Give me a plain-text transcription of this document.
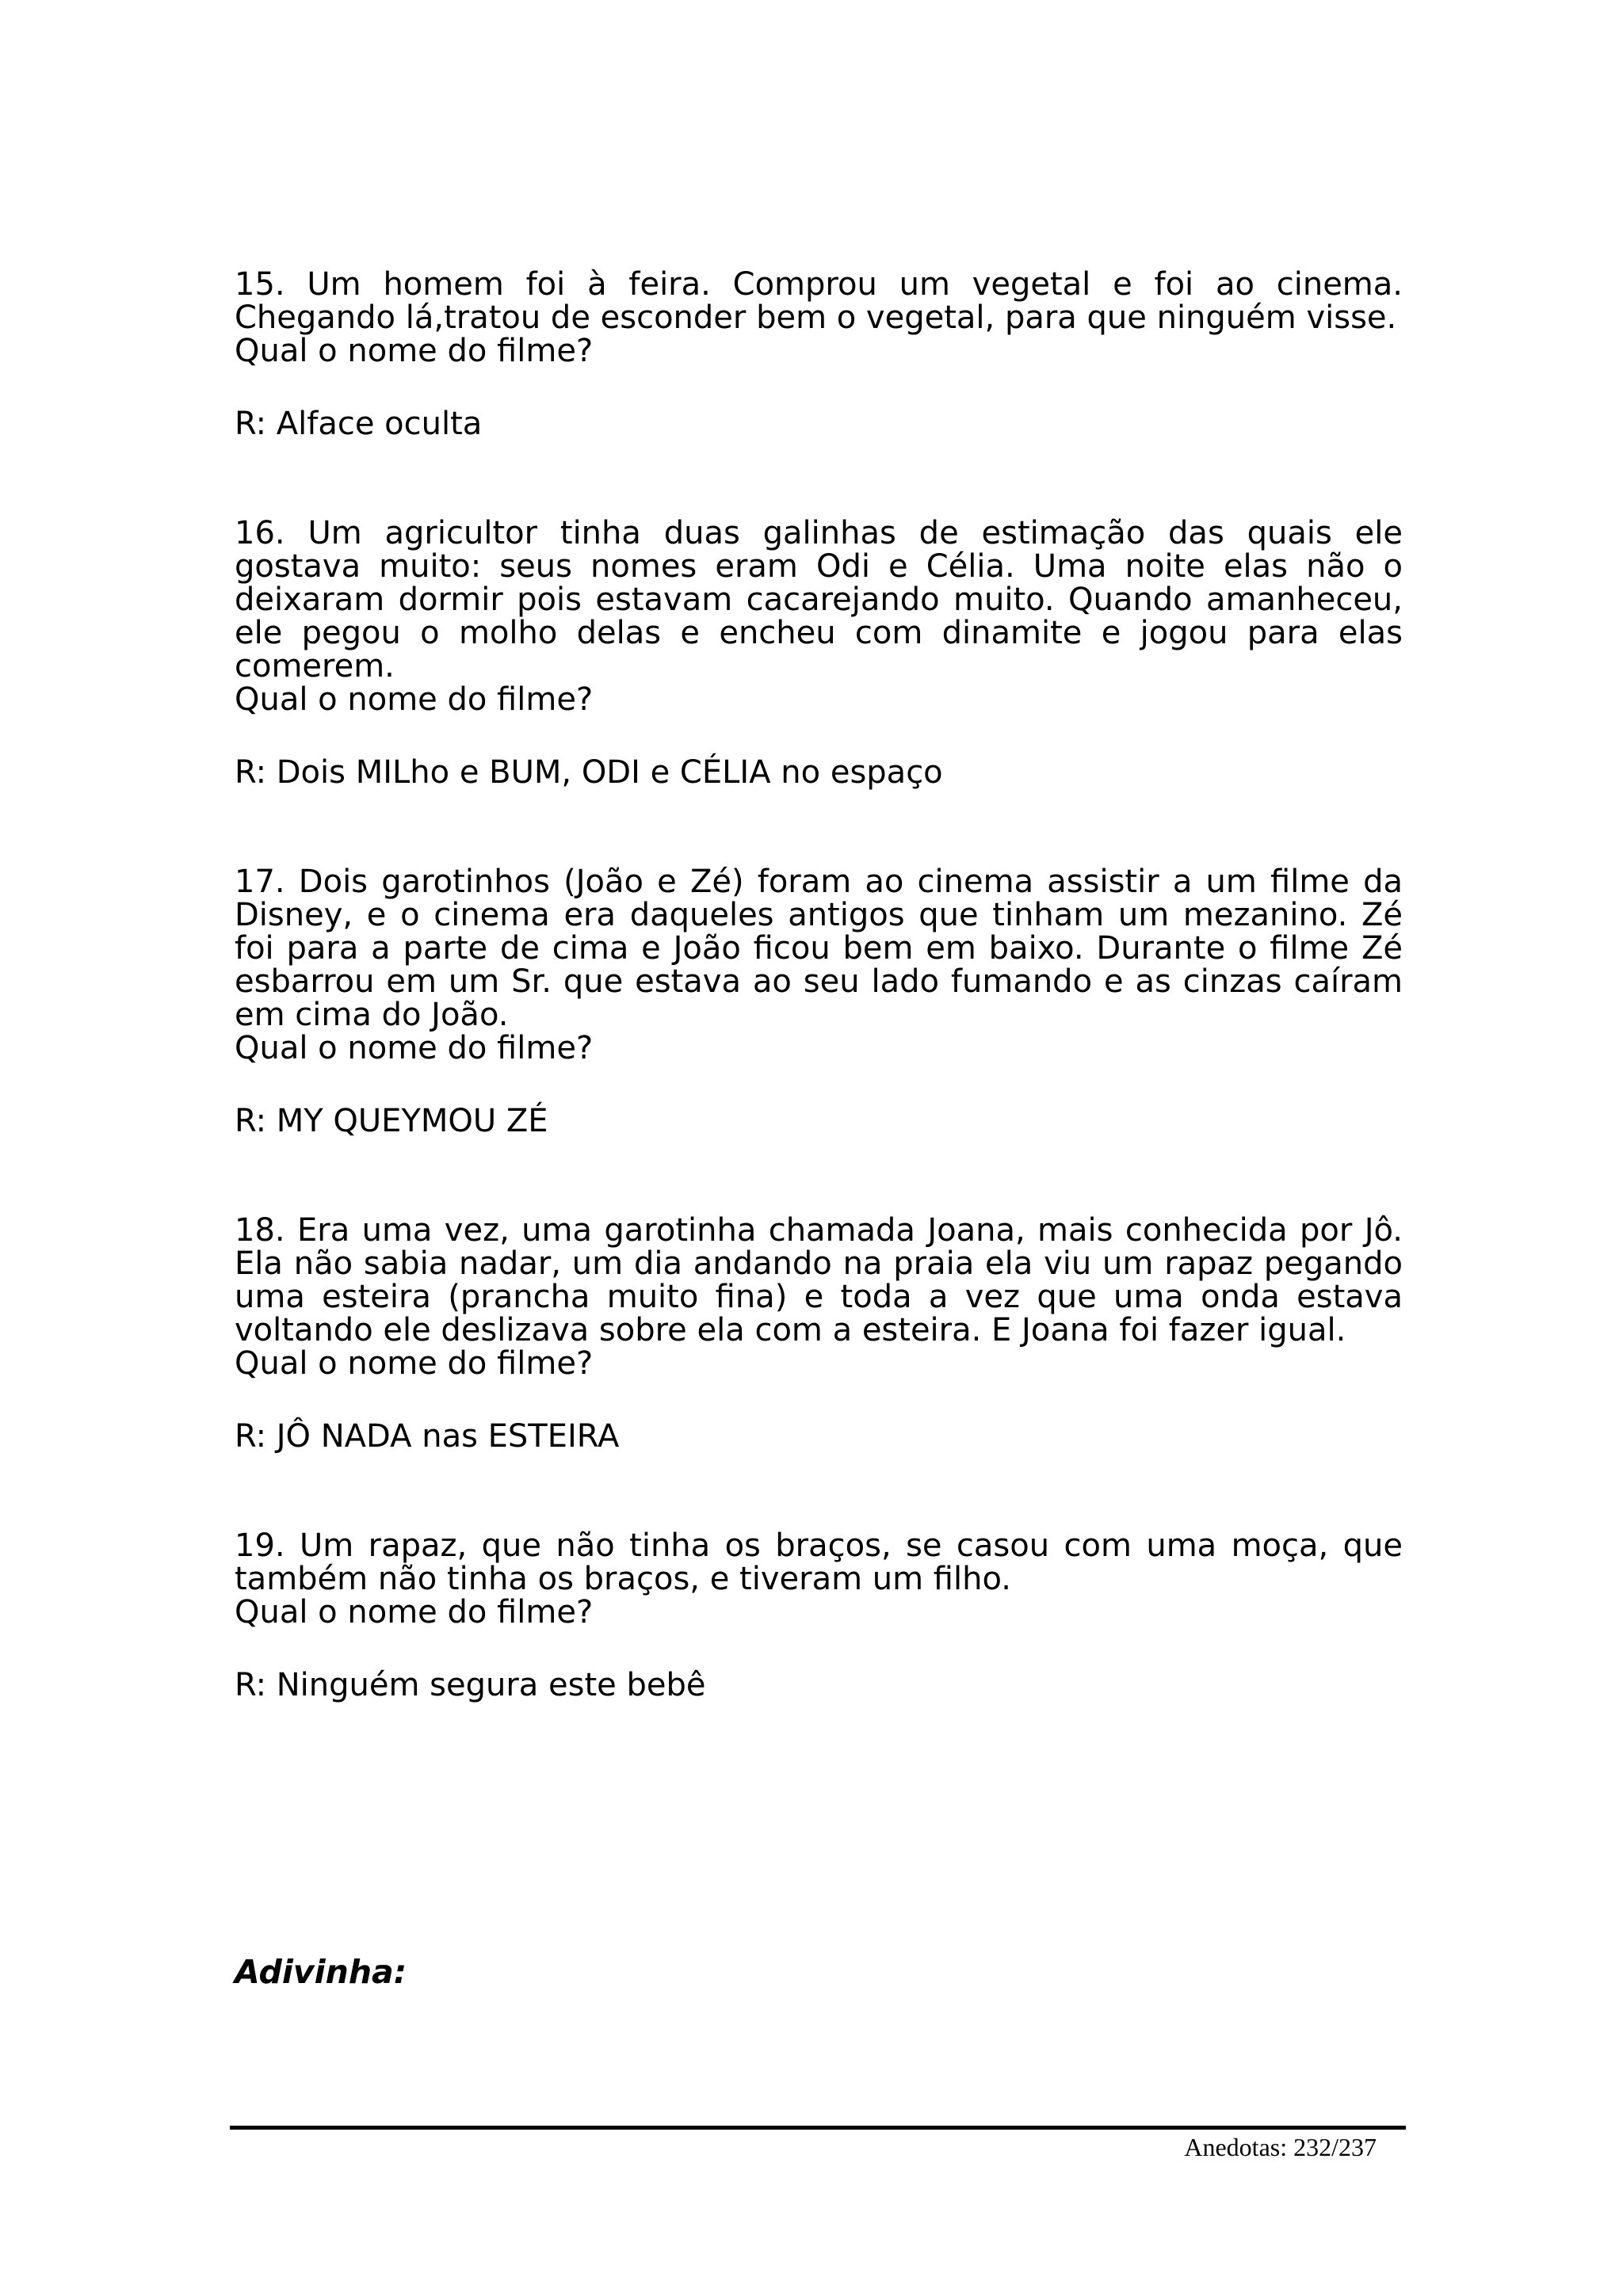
15. Um homem foi à feira. Comprou um vegetal e foi ao cinema. Chegando lá,tratou de esconder bem o vegetal, para que ninguém visse.

Qual o nome do filme?

R: Alface oculta

16. Um agricultor tinha duas galinhas de estimação das quais ele gostava muito: seus nomes eram Odi e Célia. Uma noite elas não o deixaram dormir pois estavam cacarejando muito. Quando amanheceu, ele pegou o molho delas e encheu com dinamite e jogou para elas comerem.

Qual o nome do filme?

R: Dois MILho e BUM, ODI e CÉLIA no espaço

17. Dois garotinhos (João e Zé) foram ao cinema assistir a um filme da Disney, e o cinema era daqueles antigos que tinham um mezanino. Zé foi para a parte de cima e João ficou bem em baixo. Durante o filme Zé esbarrou em um Sr. que estava ao seu lado fumando e as cinzas caíram em cima do João.

Qual o nome do filme?

R: MY QUEYMOU ZÉ

18. Era uma vez, uma garotinha chamada Joana, mais conhecida por Jô. Ela não sabia nadar, um dia andando na praia ela viu um rapaz pegando uma esteira (prancha muito fina) e toda a vez que uma onda estava voltando ele deslizava sobre ela com a esteira. E Joana foi fazer igual.

Qual o nome do filme?

R: JÔ NADA nas ESTEIRA

19. Um rapaz, que não tinha os braços, se casou com uma moça, que também não tinha os braços, e tiveram um filho.

Qual o nome do filme?

R: Ninguém segura este bebê

Adivinha:

Anedotas: 232/237
